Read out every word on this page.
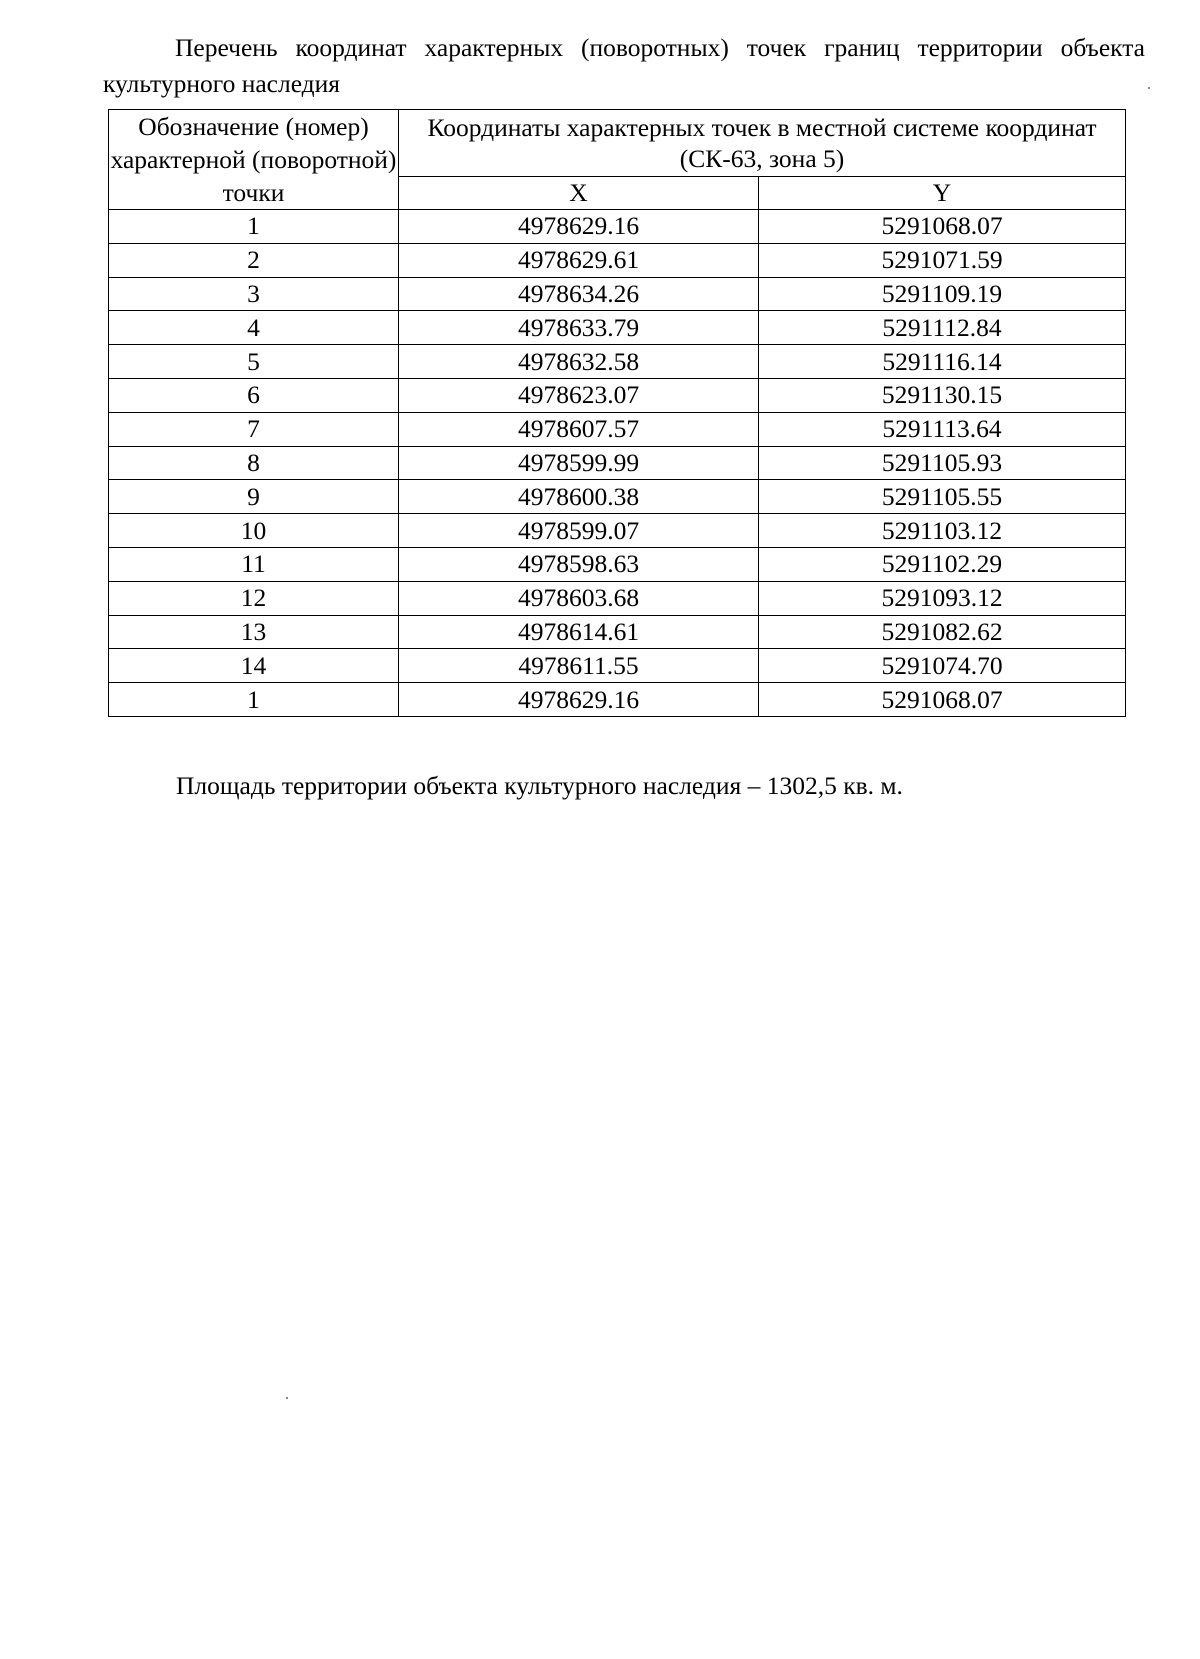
Перечень координат характерных (поворотных) точек границ территории объекта культурного наследия

Обозначение (номер) характерной (поворотной) точки	Координаты характерных точек в местной системе координат (СК-63, зона 5)	
	X	Y
1	4978629.16	5291068.07
2	4978629.61	5291071.59
3	4978634.26	5291109.19
4	4978633.79	5291112.84
5	4978632.58	5291116.14
6	4978623.07	5291130.15
7	4978607.57	5291113.64
8	4978599.99	5291105.93
9	4978600.38	5291105.55
10	4978599.07	5291103.12
11	4978598.63	5291102.29
12	4978603.68	5291093.12
13	4978614.61	5291082.62
14	4978611.55	5291074.70
1	4978629.16	5291068.07

Площадь территории объекта культурного наследия – 1302,5 кв. м.
